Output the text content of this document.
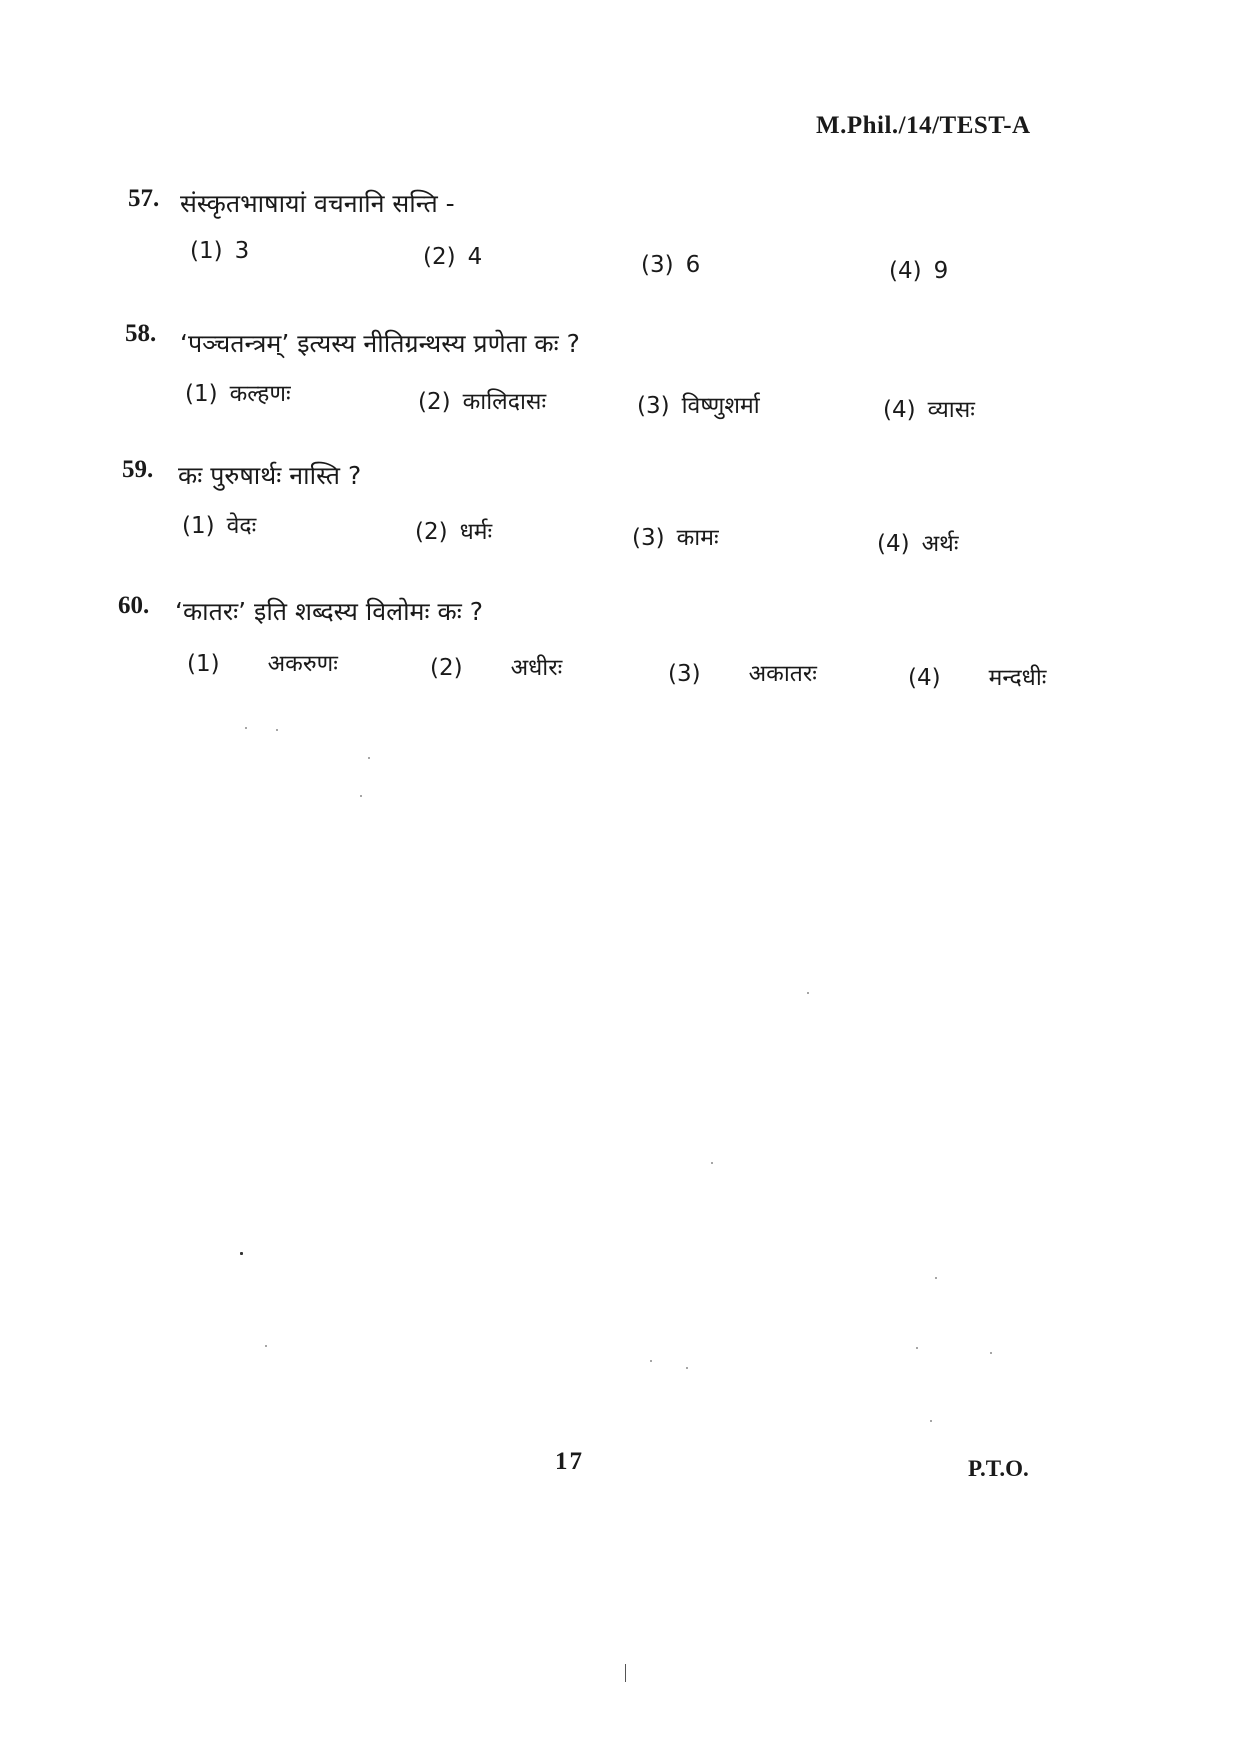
M.Phil./14/TEST-A
57. संस्कृतभाषायां वचनानि सन्ति -
(1) 3	(2) 4	(3) 6	(4) 9
58. ‘पञ्चतन्त्रम्’ इत्यस्य नीतिग्रन्थस्य प्रणेता कः ?
(1) कल्हणः	(2) कालिदासः	(3) विष्णुशर्मा	(4) व्यासः
59. कः पुरुषार्थः नास्ति ?
(1) वेदः	(2) धर्मः	(3) कामः	(4) अर्थः
60. ‘कातरः’ इति शब्दस्य विलोमः कः ?
(1) अकरुणः	(2) अधीरः	(3) अकातरः	(4) मन्दधीः
17	P.T.O.
